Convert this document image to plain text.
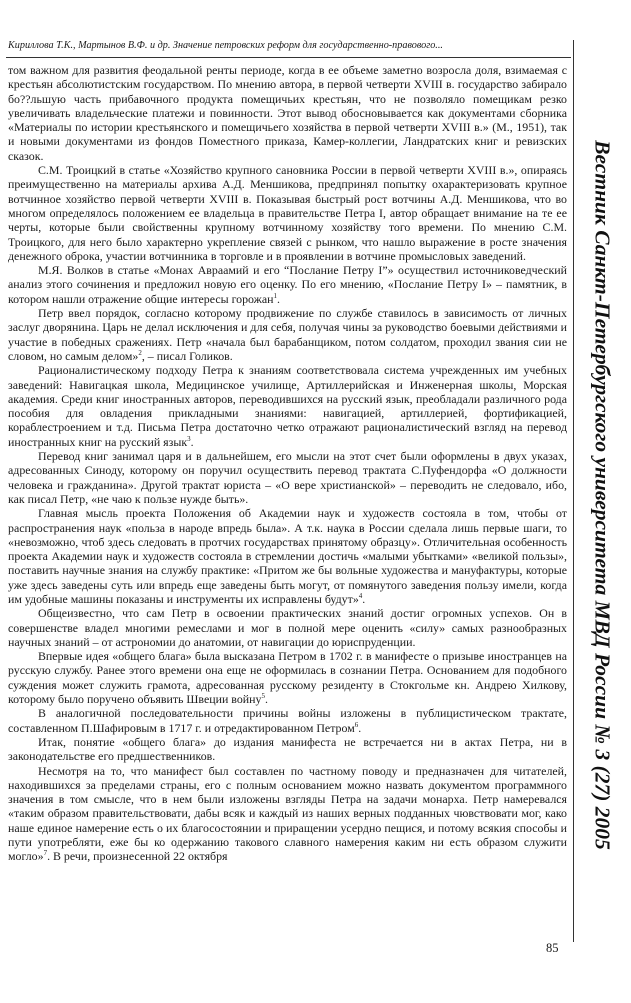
Кириллова Т.К., Мартынов В.Ф. и др. Значение петровских реформ для государственно-правового...
Вестник Санкт-Петербургского университета МВД России № 3 (27) 2005

том важном для развития феодальной ренты периоде, когда в ее объеме заметно возросла доля, взимаемая с крестьян абсолютистским государством. По мнению автора, в первой четверти XVIII в. государство забирало бо??льшую часть прибавочного продукта помещичьих крестьян, что не позволяло помещикам резко увеличивать владельческие платежи и повинности. Этот вывод обосновывается как документами сборника «Материалы по истории крестьянского и помещичьего хозяйства в первой четверти XVIII в.» (М., 1951), так и новыми документами из фондов Поместного приказа, Камер-коллегии, Ландратских книг и ревизских сказок.

С.М. Троицкий в статье «Хозяйство крупного сановника России в первой четверти XVIII в.», опираясь преимущественно на материалы архива А.Д. Меншикова, предпринял попытку охарактеризовать крупное вотчинное хозяйство первой четверти XVIII в. Показывая быстрый рост вотчины А.Д. Меншикова, что во многом определялось положением ее владельца в правительстве Петра I, автор обращает внимание на те ее черты, которые были свойственны крупному вотчинному хозяйству того времени. По мнению С.М. Троицкого, для него было характерно укрепление связей с рынком, что нашло выражение в росте значения денежного оброка, участии вотчинника в торговле и в проявлении в вотчине промысловых заведений.

М.Я. Волков в статье «Монах Авраамий и его “Послание Петру I”» осуществил источниковедческий анализ этого сочинения и предложил новую его оценку. По его мнению, «Послание Петру I» – памятник, в котором нашли отражение общие интересы горожан$^1$.

Петр ввел порядок, согласно которому продвижение по службе ставилось в зависимость от личных заслуг дворянина. Царь не делал исключения и для себя, получая чины за руководство боевыми действиями и участие в победных сражениях. Петр «начала был барабанщиком, потом солдатом, проходил звания сии не словом, но самым делом»$^2$, – писал Голиков.

Рационалистическому подходу Петра к знаниям соответствовала система учрежденных им учебных заведений: Навигацкая школа, Медицинское училище, Артиллерийская и Инженерная школы, Морская академия. Среди книг иностранных авторов, переводившихся на русский язык, преобладали различного рода пособия для овладения прикладными знаниями: навигацией, артиллерией, фортификацией, кораблестроением и т.д. Письма Петра достаточно четко отражают рационалистический взгляд на перевод иностранных книг на русский язык$^3$.

Перевод книг занимал царя и в дальнейшем, его мысли на этот счет были оформлены в двух указах, адресованных Синоду, которому он поручил осуществить перевод трактата С.Пуфендорфа «О должности человека и гражданина». Другой трактат юриста – «О вере христианской» – переводить не следовало, ибо, как писал Петр, «не чаю к пользе нужде быть».

Главная мысль проекта Положения об Академии наук и художеств состояла в том, чтобы от распространения наук «польза в народе впредь была». А т.к. наука в России сделала лишь первые шаги, то «невозможно, чтоб здесь следовать в протчих государствах принятому образцу». Отличительная особенность проекта Академии наук и художеств состояла в стремлении достичь «малыми убытками» «великой пользы», поставить научные знания на службу практике: «Притом же бы вольные художества и мануфактуры, которые уже здесь заведены суть или впредь еще заведены быть могут, от помянутого заведения пользу имели, когда им удобные машины показаны и инструменты их исправлены будут»$^4$.

Общеизвестно, что сам Петр в освоении практических знаний достиг огромных успехов. Он в совершенстве владел многими ремеслами и мог в полной мере оценить «силу» самых разнообразных научных знаний – от астрономии до анатомии, от навигации до юриспруденции.

Впервые идея «общего блага» была высказана Петром в 1702 г. в манифесте о призыве иностранцев на русскую службу. Ранее этого времени она еще не оформилась в сознании Петра. Основанием для подобного суждения может служить грамота, адресованная русскому резиденту в Стокгольме кн. Андрею Хилкову, которому было поручено объявить Швеции войну$^5$.

В аналогичной последовательности причины войны изложены в публицистическом трактате, составленном П.Шафировым в 1717 г. и отредактированном Петром$^6$.

Итак, понятие «общего блага» до издания манифеста не встречается ни в актах Петра, ни в законодательстве его предшественников.

Несмотря на то, что манифест был составлен по частному поводу и предназначен для читателей, находившихся за пределами страны, его с полным основанием можно назвать документом программного значения в том смысле, что в нем были изложены взгляды Петра на задачи монарха. Петр намеревался «таким образом правительствовати, дабы всяк и каждый из наших верных подданных чювствовати мог, како наше единое намерение есть о их благосостоянии и приращении усердно пещися, и потому всякия способы и пути употребляти, еже бы ко одержанию такового славного намерения каким ни есть образом служити могло»$^7$. В речи, произнесенной 22 октября

85
